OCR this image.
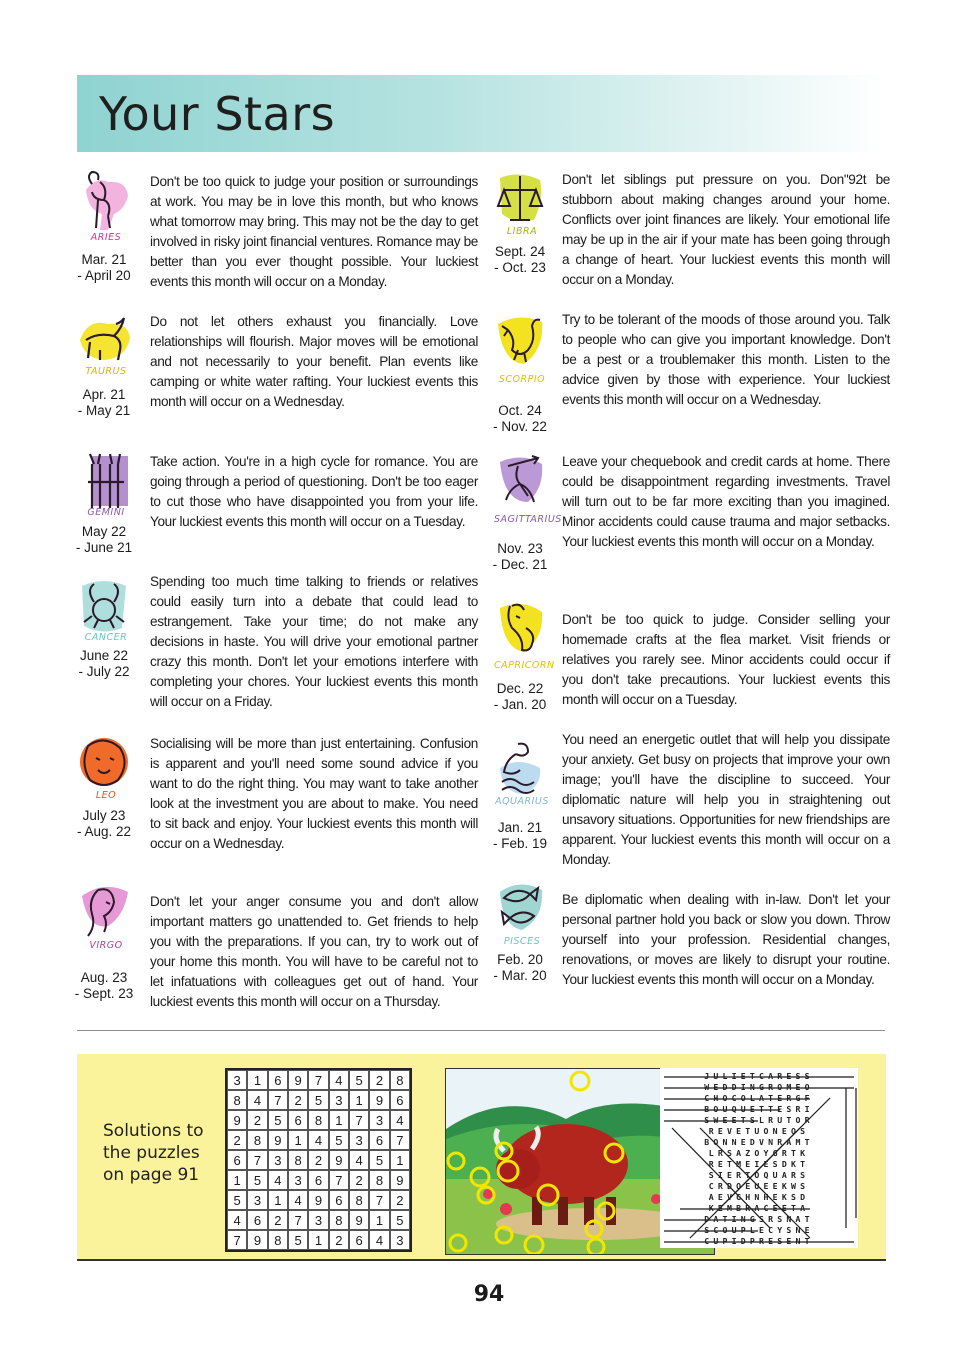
Your Stars
ARIES
Mar. 21
- April 20

Don't be too quick to judge your position or surroundings at work. You may be in love this month, but who knows what tomorrow may bring. This may not be the day to get involved in risky joint financial ventures. Romance may be better than you ever thought possible. Your luckiest events this month will occur on a Monday.

TAURUS
Apr. 21
- May 21

Do not let others exhaust you financially. Love relationships will flourish. Major moves will be emotional and not necessarily to your benefit. Plan events like camping or white water rafting. Your luckiest events this month will occur on a Wednesday.

GEMINI
May 22
- June 21

Take action. You're in a high cycle for romance. You are going through a period of questioning. Don't be too eager to cut those who have disappointed you from your life. Your luckiest events this month will occur on a Tuesday.

CANCER
June 22
- July 22

Spending too much time talking to friends or relatives could easily turn into a debate that could lead to estrangement. Take your time; do not make any decisions in haste. You will drive your emotional partner crazy this month. Don't let your emotions interfere with completing your chores. Your luckiest events this month will occur on a Friday.

LEO
July 23
- Aug. 22

Socialising will be more than just entertaining. Confusion is apparent and you'll need some sound advice if you want to do the right thing. You may want to take another look at the investment you are about to make. You need to sit back and enjoy. Your luckiest events this month will occur on a Wednesday.

VIRGO
Aug. 23
- Sept. 23

Don't let your anger consume you and don't allow important matters go unattended to. Get friends to help you with the preparations. If you can, try to work out of your home this month. You will have to be careful not to let infatuations with colleagues get out of hand. Your luckiest events this month will occur on a Thursday.

LIBRA
Sept. 24
- Oct. 23

Don't let siblings put pressure on you. Don"92t be stubborn about making changes around your home. Conflicts over joint finances are likely. Your emotional life may be up in the air if your mate has been going through a change of heart. Your luckiest events this month will occur on a Monday.

SCORPIO
Oct. 24
- Nov. 22

Try to be tolerant of the moods of those around you. Talk to people who can give you important knowledge. Don't be a pest or a troublemaker this month. Listen to the advice given by those with experience. Your luckiest events this month will occur on a Wednesday.

SAGITTARIUS
Nov. 23
- Dec. 21

Leave your chequebook and credit cards at home. There could be disappointment regarding investments. Travel will turn out to be far more exciting than you imagined. Minor accidents could cause trauma and major setbacks. Your luckiest events this month will occur on a Monday.

CAPRICORN
Dec. 22
- Jan. 20

Don't be too quick to judge. Consider selling your homemade crafts at the flea market. Visit friends or relatives you rarely see. Minor accidents could occur if you don't take precautions. Your luckiest events this month will occur on a Tuesday.

AQUARIUS
Jan. 21
- Feb. 19

You need an energetic outlet that will help you dissipate your anxiety. Get busy on projects that improve your own image; you'll have the discipline to succeed. Your diplomatic nature will help you in straightening out unsavory situations. Opportunities for new friendships are apparent. Your luckiest events this month will occur on a Monday.

PISCES
Feb. 20
- Mar. 20

Be diplomatic when dealing with in-law. Don't let your personal partner hold you back or slow you down. Throw yourself into your profession. Residential changes, renovations, or moves are likely to disrupt your routine. Your luckiest events this month will occur on a Monday.

Solutions to the puzzles on page 91
3	1	6	9	7	4	5	2	8
8	4	7	2	5	3	1	9	6
9	2	5	6	8	1	7	3	4
2	8	9	1	4	5	3	6	7
6	7	3	8	2	9	4	5	1
1	5	4	3	6	7	2	8	9
5	3	1	4	9	6	8	7	2
4	6	2	7	3	8	9	1	5
7	9	8	5	1	2	6	4	3
JULIETCARESS
WEDDINGROMEO
CHOCOLATERGF
BOUQUETTESRI
SWEETSLRUTOR
REVETUONEOS
BONNEDVNRAMT
LRSAZOYGRTK
RETMEIESDKT
SIERTOQUARS
CRDOEUEEKWS
AEVGHNHEKSD
KEMBRACEETA
DATINGSRSNAT
SCOUPLECYSNE
CUPIDPRESENT
94
